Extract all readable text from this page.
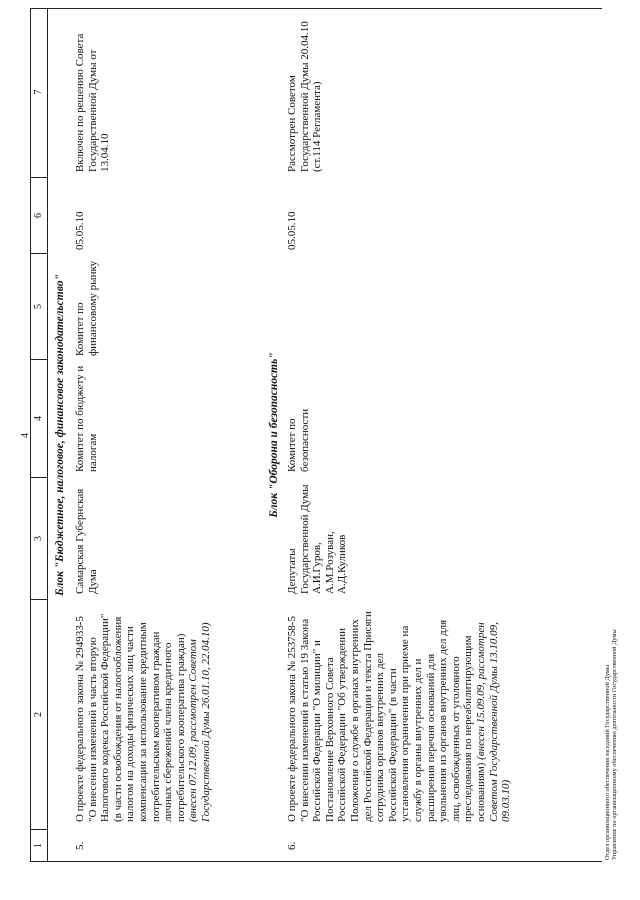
4
1
2
3
4
5
6
7
Блок "Бюджетное, налоговое, финансовое законодательство"
5.
О проекте федерального закона № 294933-5 "О внесении изменений в часть вторую Налогового кодекса Российской Федерации" (в части освобождения от налогообложения налогом на доходы физических лиц части компенсации за использование кредитным потребительским кооперативом граждан личных сбережений члена кредитного потребительского кооператива граждан) (внесен 07.12.09, рассмотрен Советом Государственной Думы 26.01.10, 22.04.10)
Самарская Губернская Дума
Комитет по бюджету и налогам
Комитет по финансовому рынку
05.05.10
Включен по решению Совета Государственной Думы от 13.04.10
Блок "Оборона и безопасность"
6.
О проекте федерального закона № 253758-5 "О внесении изменений в статью 19 Закона Российской Федерации "О милиции" и Постановление Верховного Совета Российской Федерации "Об утверждении Положения о службе в органах внутренних дел Российской Федерации и текста Присяги сотрудника органов внутренних дел Российской Федерации" (в части установления ограничения при приеме на службу в органы внутренних дел и расширения перечня оснований для увольнения из органов внутренних дел для лиц, освобожденных от уголовного преследования по нереабилитирующим основаниям) (внесен 15.09.09, рассмотрен Советом Государственной Думы 13.10.09, 09.03.10)
Депутаты Государственной Думы А.И.Гуров, А.М.Розуван, А.Д.Куликов
Комитет по безопасности
05.05.10
Рассмотрен Советом Государственной Думы 20.04.10 (ст.114 Регламента)
Отдел организационного обеспечения заседаний Государственной Думы Управление по организационному обеспечению деятельности Государственной Думы
